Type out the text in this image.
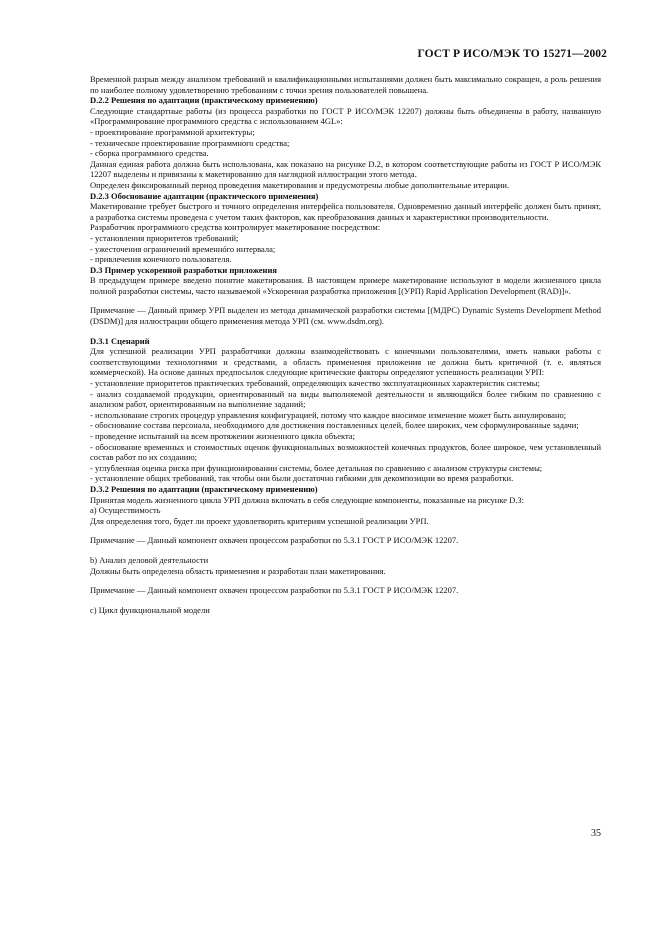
ГОСТ Р ИСО/МЭК ТО 15271—2002

Временной разрыв между анализом требований и квалификационными испытаниями должен быть максимально сокращен, а роль решения по наиболее полному удовлетворению требованиям с точки зрения пользователей повышена.

D.2.2 Решения по адаптации (практическому применению)

Следующие стандартные работы (из процесса разработки по ГОСТ Р ИСО/МЭК 12207) должны быть объединены в работу, названную «Программирование программного средства с использованием 4GL»:

- проектирование программной архитектуры;

- техническое проектирование программного средства;

- сборка программного средства.

Данная единая работа должна быть использована, как показано на рисунке D.2, в котором соответствующие работы из ГОСТ Р ИСО/МЭК 12207 выделены и привязаны к макетированию для наглядной иллюстрации этого метода.

Определен фиксированный период проведения макетирования и предусмотрены любые дополнительные итерации.

D.2.3 Обоснование адаптации (практического применения)

Макетирование требует быстрого и точного определения интерфейса пользователя. Одновременно данный интерфейс должен быть принят, а разработка системы проведена с учетом таких факторов, как преобразования данных и характеристики производительности.

Разработчик программного средства контролирует макетирование посредством:

- установления приоритетов требований;

- ужесточения ограничений временнóго интервала;

- привлечения конечного пользователя.

D.3 Пример ускоренной разработки приложения

В предыдущем примере введено понятие макетирования. В настоящем примере макетирование используют в модели жизненного цикла полной разработки системы, часто называемой «Ускоренная разработка приложения [(УРП) Rapid Application Development (RAD)]».

Примечание — Данный пример УРП выделен из метода динамической разработки системы [(МДРС) Dynamic Systems Development Method (DSDM)] для иллюстрации общего применения метода УРП (см. www.dsdm.org).

D.3.1 Сценарий

Для успешной реализации УРП разработчики должны взаимодействовать с конечными пользователями, иметь навыки работы с соответствующими технологиями и средствами, а область применения приложения не должна быть критичной (т. е. являться коммерческой). На основе данных предпосылок следующие критические факторы определяют успешность реализации УРП:

- установление приоритетов практических требований, определяющих качество эксплуатационных характеристик системы;

- анализ создаваемой продукции, ориентированный на виды выполняемой деятельности и являющийся более гибким по сравнению с анализом работ, ориентированным на выполнение заданий;

- использование строгих процедур управления конфигурацией, потому что каждое вносимое изменение может быть аннулировано;

- обоснование состава персонала, необходимого для достижения поставленных целей, более широких, чем сформулированные задачи;

- проведение испытаний на всем протяжении жизненного цикла объекта;

- обоснование временных и стоимостных оценок функциональных возможностей конечных продуктов, более широкое, чем установленный состав работ по их созданию;

- углубленная оценка риска при функционировании системы, более детальная по сравнению с анализом структуры системы;

- установление общих требований, так чтобы они были достаточно гибкими для декомпозиции во время разработки.

D.3.2 Решения по адаптации (практическому применению)

Принятая модель жизненного цикла УРП должна включать в себя следующие компоненты, показанные на рисунке D.3:

a) Осуществимость

Для определения того, будет ли проект удовлетворять критериям успешной реализации УРП.

Примечание — Данный компонент охвачен процессом разработки по 5.3.1 ГОСТ Р ИСО/МЭК 12207.

b) Анализ деловой деятельности

Должны быть определена область применения и разработан план макетирования.

Примечание — Данный компонент охвачен процессом разработки по 5.3.1 ГОСТ Р ИСО/МЭК 12207.

c) Цикл функциональной модели

35
